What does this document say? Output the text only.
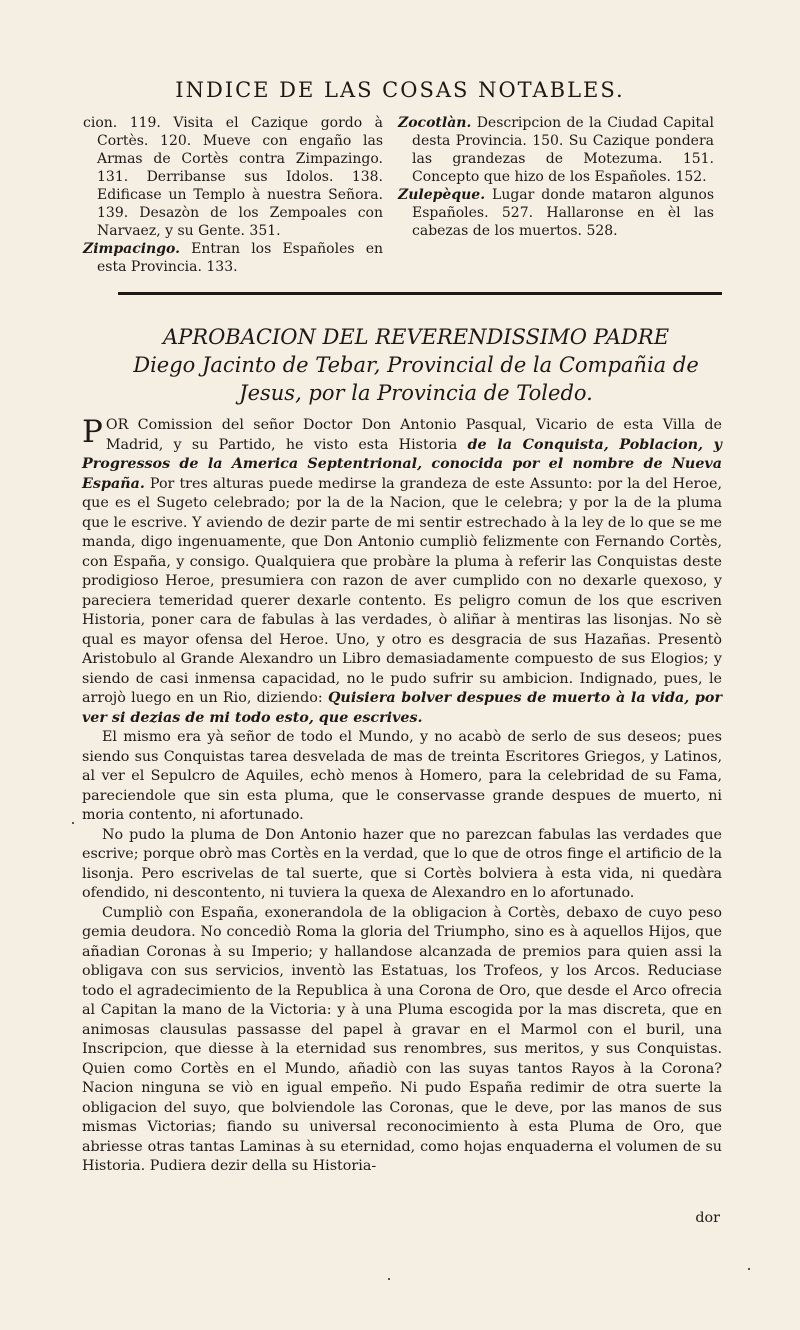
INDICE DE LAS COSAS NOTABLES.

cion. 119. Visita el Cazique gordo à Cortès. 120. Mueve con engaño las Armas de Cortès contra Zimpazingo. 131. Derribanse sus Idolos. 138. Edificase un Templo à nuestra Señora. 139. Desazòn de los Zempoales con Narvaez, y su Gente. 351.

Zimpacingo. Entran los Españoles en esta Provincia. 133.

Zocotlàn. Descripcion de la Ciudad Capital desta Provincia. 150. Su Cazique pondera las grandezas de Motezuma. 151. Concepto que hizo de los Españoles. 152.

Zulepèque. Lugar donde mataron algunos Españoles. 527. Hallaronse en èl las cabezas de los muertos. 528.

APROBACION DEL REVERENDISSIMO PADRE
Diego Jacinto de Tebar, Provincial de la Compañia de
Jesus, por la Provincia de Toledo.

POR Comission del señor Doctor Don Antonio Pasqual, Vicario de esta Villa de Madrid, y su Partido, he visto esta Historia de la Conquista, Poblacion, y Progressos de la America Septentrional, conocida por el nombre de Nueva España. Por tres alturas puede medirse la grandeza de este Assunto: por la del Heroe, que es el Sugeto celebrado; por la de la Nacion, que le celebra; y por la de la pluma que le escrive. Y aviendo de dezir parte de mi sentir estrechado à la ley de lo que se me manda, digo ingenuamente, que Don Antonio cumpliò felizmente con Fernando Cortès, con España, y consigo. Qualquiera que probàre la pluma à referir las Conquistas deste prodigioso Heroe, presumiera con razon de aver cumplido con no dexarle quexoso, y pareciera temeridad querer dexarle contento. Es peligro comun de los que escriven Historia, poner cara de fabulas à las verdades, ò aliñar à mentiras las lisonjas. No sè qual es mayor ofensa del Heroe. Uno, y otro es desgracia de sus Hazañas. Presentò Aristobulo al Grande Alexandro un Libro demasiadamente compuesto de sus Elogios; y siendo de casi inmensa capacidad, no le pudo sufrir su ambicion. Indignado, pues, le arrojò luego en un Rio, diziendo: Quisiera bolver despues de muerto à la vida, por ver si dezias de mi todo esto, que escrives.

El mismo era yà señor de todo el Mundo, y no acabò de serlo de sus deseos; pues siendo sus Conquistas tarea desvelada de mas de treinta Escritores Griegos, y Latinos, al ver el Sepulcro de Aquiles, echò menos à Homero, para la celebridad de su Fama, pareciendole que sin esta pluma, que le conservasse grande despues de muerto, ni moria contento, ni afortunado.

No pudo la pluma de Don Antonio hazer que no parezcan fabulas las verdades que escrive; porque obrò mas Cortès en la verdad, que lo que de otros finge el artificio de la lisonja. Pero escrivelas de tal suerte, que si Cortès bolviera à esta vida, ni quedàra ofendido, ni descontento, ni tuviera la quexa de Alexandro en lo afortunado.

Cumpliò con España, exonerandola de la obligacion à Cortès, debaxo de cuyo peso gemia deudora. No concediò Roma la gloria del Triumpho, sino es à aquellos Hijos, que añadian Coronas à su Imperio; y hallandose alcanzada de premios para quien assi la obligava con sus servicios, inventò las Estatuas, los Trofeos, y los Arcos. Reduciase todo el agradecimiento de la Republica à una Corona de Oro, que desde el Arco ofrecia al Capitan la mano de la Victoria: y à una Pluma escogida por la mas discreta, que en animosas clausulas passasse del papel à gravar en el Marmol con el buril, una Inscripcion, que diesse à la eternidad sus renombres, sus meritos, y sus Conquistas. Quien como Cortès en el Mundo, añadiò con las suyas tantos Rayos à la Corona? Nacion ninguna se viò en igual empeño. Ni pudo España redimir de otra suerte la obligacion del suyo, que bolviendole las Coronas, que le deve, por las manos de sus mismas Victorias; fiando su universal reconocimiento à esta Pluma de Oro, que abriesse otras tantas Laminas à su eternidad, como hojas enquaderna el volumen de su Historia. Pudiera dezir della su Historia-

dor
